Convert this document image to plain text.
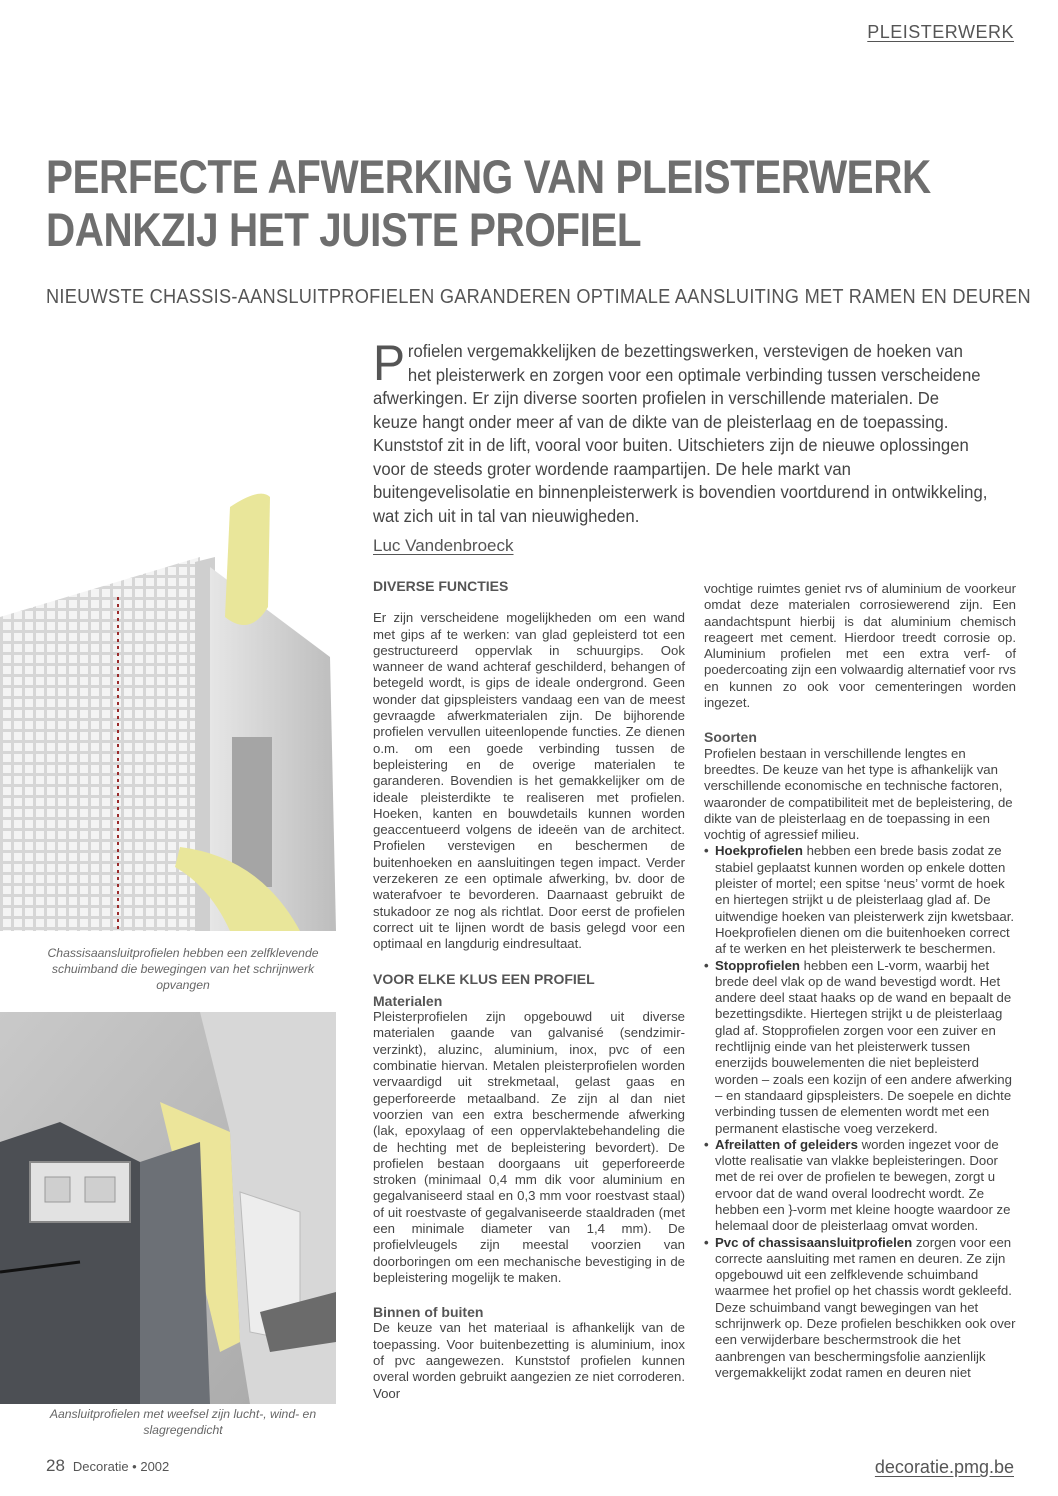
PLEISTERWERK
PERFECTE AFWERKING VAN PLEISTERWERK
DANKZIJ HET JUISTE PROFIEL
NIEUWSTE CHASSIS-AANSLUITPROFIELEN GARANDEREN OPTIMALE AANSLUITING MET RAMEN EN DEUREN
Profielen vergemakkelijken de bezettingswerken, verstevigen de hoeken van het pleisterwerk en zorgen voor een optimale verbinding tussen verscheidene afwerkingen. Er zijn diverse soorten profielen in verschillende materialen. De keuze hangt onder meer af van de dikte van de pleisterlaag en de toepassing. Kunststof zit in de lift, vooral voor buiten. Uitschieters zijn de nieuwe oplossingen voor de steeds groter wordende raampartijen. De hele markt van buitengevelisolatie en binnenpleisterwerk is bovendien voortdurend in ontwikkeling, wat zich uit in tal van nieuwigheden.
Luc Vandenbroeck
Chassisaansluitprofielen hebben een zelfklevende schuimband die bewegingen van het schrijnwerk opvangen
Aansluitprofielen met weefsel zijn lucht-, wind- en slagregendicht
DIVERSE FUNCTIES

Er zijn verscheidene mogelijkheden om een wand met gips af te werken: van glad gepleisterd tot een gestructureerd oppervlak in schuurgips. Ook wanneer de wand achteraf geschilderd, behangen of betegeld wordt, is gips de ideale ondergrond. Geen wonder dat gipspleisters vandaag een van de meest gevraagde afwerkmaterialen zijn. De bijhorende profielen vervullen uiteenlopende functies. Ze dienen o.m. om een goede verbinding tussen de bepleistering en de overige materialen te garanderen. Bovendien is het gemakkelijker om de ideale pleisterdikte te realiseren met profielen. Hoeken, kanten en bouwdetails kunnen worden geaccentueerd volgens de ideeën van de architect. Profielen verstevigen en beschermen de buitenhoeken en aansluitingen tegen impact. Verder verzekeren ze een optimale afwerking, bv. door de waterafvoer te bevorderen. Daarnaast gebruikt de stukadoor ze nog als richtlat. Door eerst de profielen correct uit te lijnen wordt de basis gelegd voor een optimaal en langdurig eindresultaat.

VOOR ELKE KLUS EEN PROFIEL
Materialen

Pleisterprofielen zijn opgebouwd uit diverse materialen gaande van galvanisé (sendzimir-verzinkt), aluzinc, aluminium, inox, pvc of een combinatie hiervan. Metalen pleisterprofielen worden vervaardigd uit strekmetaal, gelast gaas en geperforeerde metaalband. Ze zijn al dan niet voorzien van een extra beschermende afwerking (lak, epoxylaag of een oppervlaktebehandeling die de hechting met de bepleistering bevordert). De profielen bestaan doorgaans uit geperforeerde stroken (minimaal 0,4 mm dik voor aluminium en gegalvaniseerd staal en 0,3 mm voor roestvast staal) of uit roestvaste of gegalvaniseerde staaldraden (met een minimale diameter van 1,4 mm). De profielvleugels zijn meestal voorzien van doorboringen om een mechanische bevestiging in de bepleistering mogelijk te maken.

Binnen of buiten

De keuze van het materiaal is afhankelijk van de toepassing. Voor buitenbezetting is aluminium, inox of pvc aangewezen. Kunststof profielen kunnen overal worden gebruikt aangezien ze niet corroderen. Voor

vochtige ruimtes geniet rvs of aluminium de voorkeur omdat deze materialen corrosiewerend zijn. Een aandachtspunt hierbij is dat aluminium chemisch reageert met cement. Hierdoor treedt corrosie op. Aluminium profielen met een extra verf- of poedercoating zijn een volwaardig alternatief voor rvs en kunnen zo ook voor cementeringen worden ingezet.

Soorten

Profielen bestaan in verschillende lengtes en breedtes. De keuze van het type is afhankelijk van verschillende economische en technische factoren, waaronder de compatibiliteit met de bepleistering, de dikte van de pleisterlaag en de toepassing in een vochtig of agressief milieu.

• Hoekprofielen hebben een brede basis zodat ze stabiel geplaatst kunnen worden op enkele dotten pleister of mortel; een spitse ‘neus’ vormt de hoek en hiertegen strijkt u de pleisterlaag glad af. De uitwendige hoeken van pleisterwerk zijn kwetsbaar. Hoekprofielen dienen om die buitenhoeken correct af te werken en het pleisterwerk te beschermen.
• Stopprofielen hebben een L-vorm, waarbij het brede deel vlak op de wand bevestigd wordt. Het andere deel staat haaks op de wand en bepaalt de bezettingsdikte. Hiertegen strijkt u de pleisterlaag glad af. Stopprofielen zorgen voor een zuiver en rechtlijnig einde van het pleisterwerk tussen enerzijds bouwelementen die niet bepleisterd worden – zoals een kozijn of een andere afwerking – en standaard gipspleisters. De soepele en dichte verbinding tussen de elementen wordt met een permanent elastische voeg verzekerd.
• Afreilatten of geleiders worden ingezet voor de vlotte realisatie van vlakke bepleisteringen. Door met de rei over de profielen te bewegen, zorgt u ervoor dat de wand overal loodrecht wordt. Ze hebben een }-vorm met kleine hoogte waardoor ze helemaal door de pleisterlaag omvat worden.
• Pvc of chassisaansluitprofielen zorgen voor een correcte aansluiting met ramen en deuren. Ze zijn opgebouwd uit een zelfklevende schuimband waarmee het profiel op het chassis wordt gekleefd. Deze schuimband vangt bewegingen van het schrijnwerk op. Deze profielen beschikken ook over een verwijderbare beschermstrook die het aanbrengen van beschermingsfolie aanzienlijk vergemakkelijkt zodat ramen en deuren niet
28 Decoratie • 2002	decoratie.pmg.be
